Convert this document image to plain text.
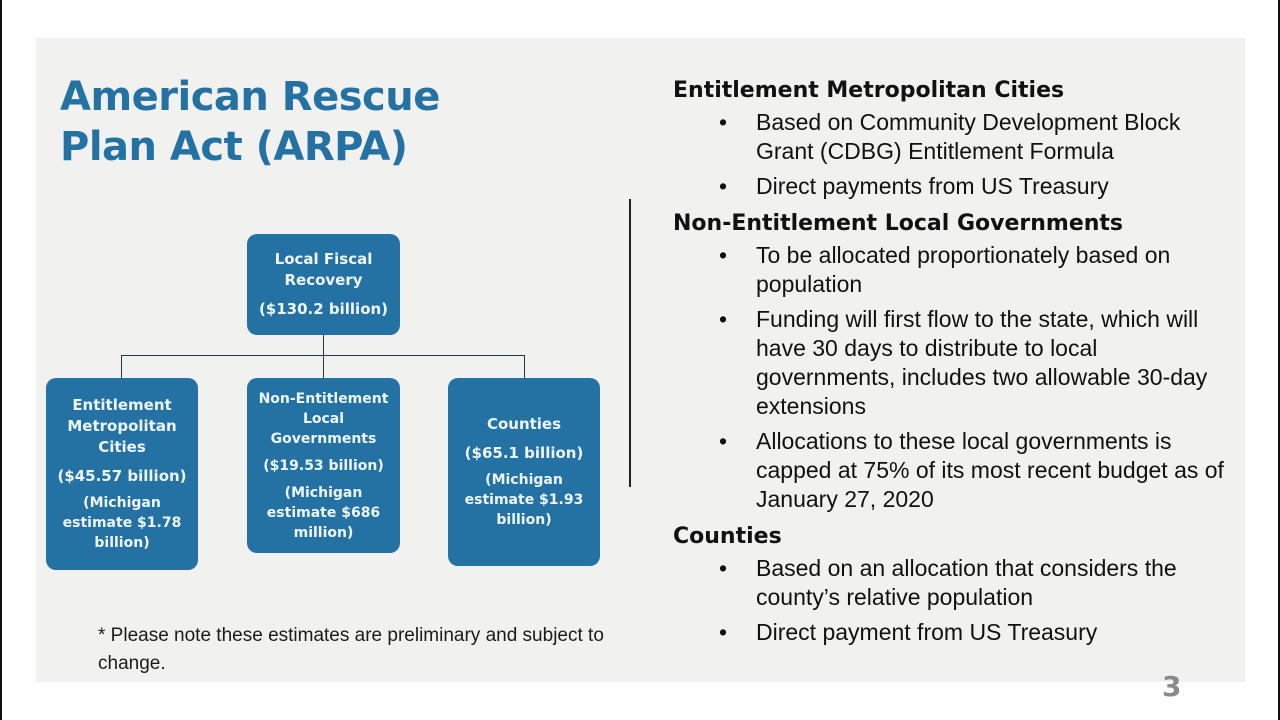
American Rescue
Plan Act (ARPA)
Local Fiscal
Recovery
($130.2 billion)
Entitlement Metropolitan Cities
($45.57 billion)
(Michigan estimate $1.78 billion)
Non-Entitlement Local Governments
($19.53 billion)
(Michigan estimate $686 million)
Counties
($65.1 billion)
(Michigan estimate $1.93 billion)
* Please note these estimates are preliminary and subject to change.
Entitlement Metropolitan Cities
• Based on Community Development Block Grant (CDBG) Entitlement Formula
• Direct payments from US Treasury
Non-Entitlement Local Governments
• To be allocated proportionately based on population
• Funding will first flow to the state, which will have 30 days to distribute to local governments, includes two allowable 30-day extensions
• Allocations to these local governments is capped at 75% of its most recent budget as of January 27, 2020
Counties
• Based on an allocation that considers the county’s relative population
• Direct payment from US Treasury
3
